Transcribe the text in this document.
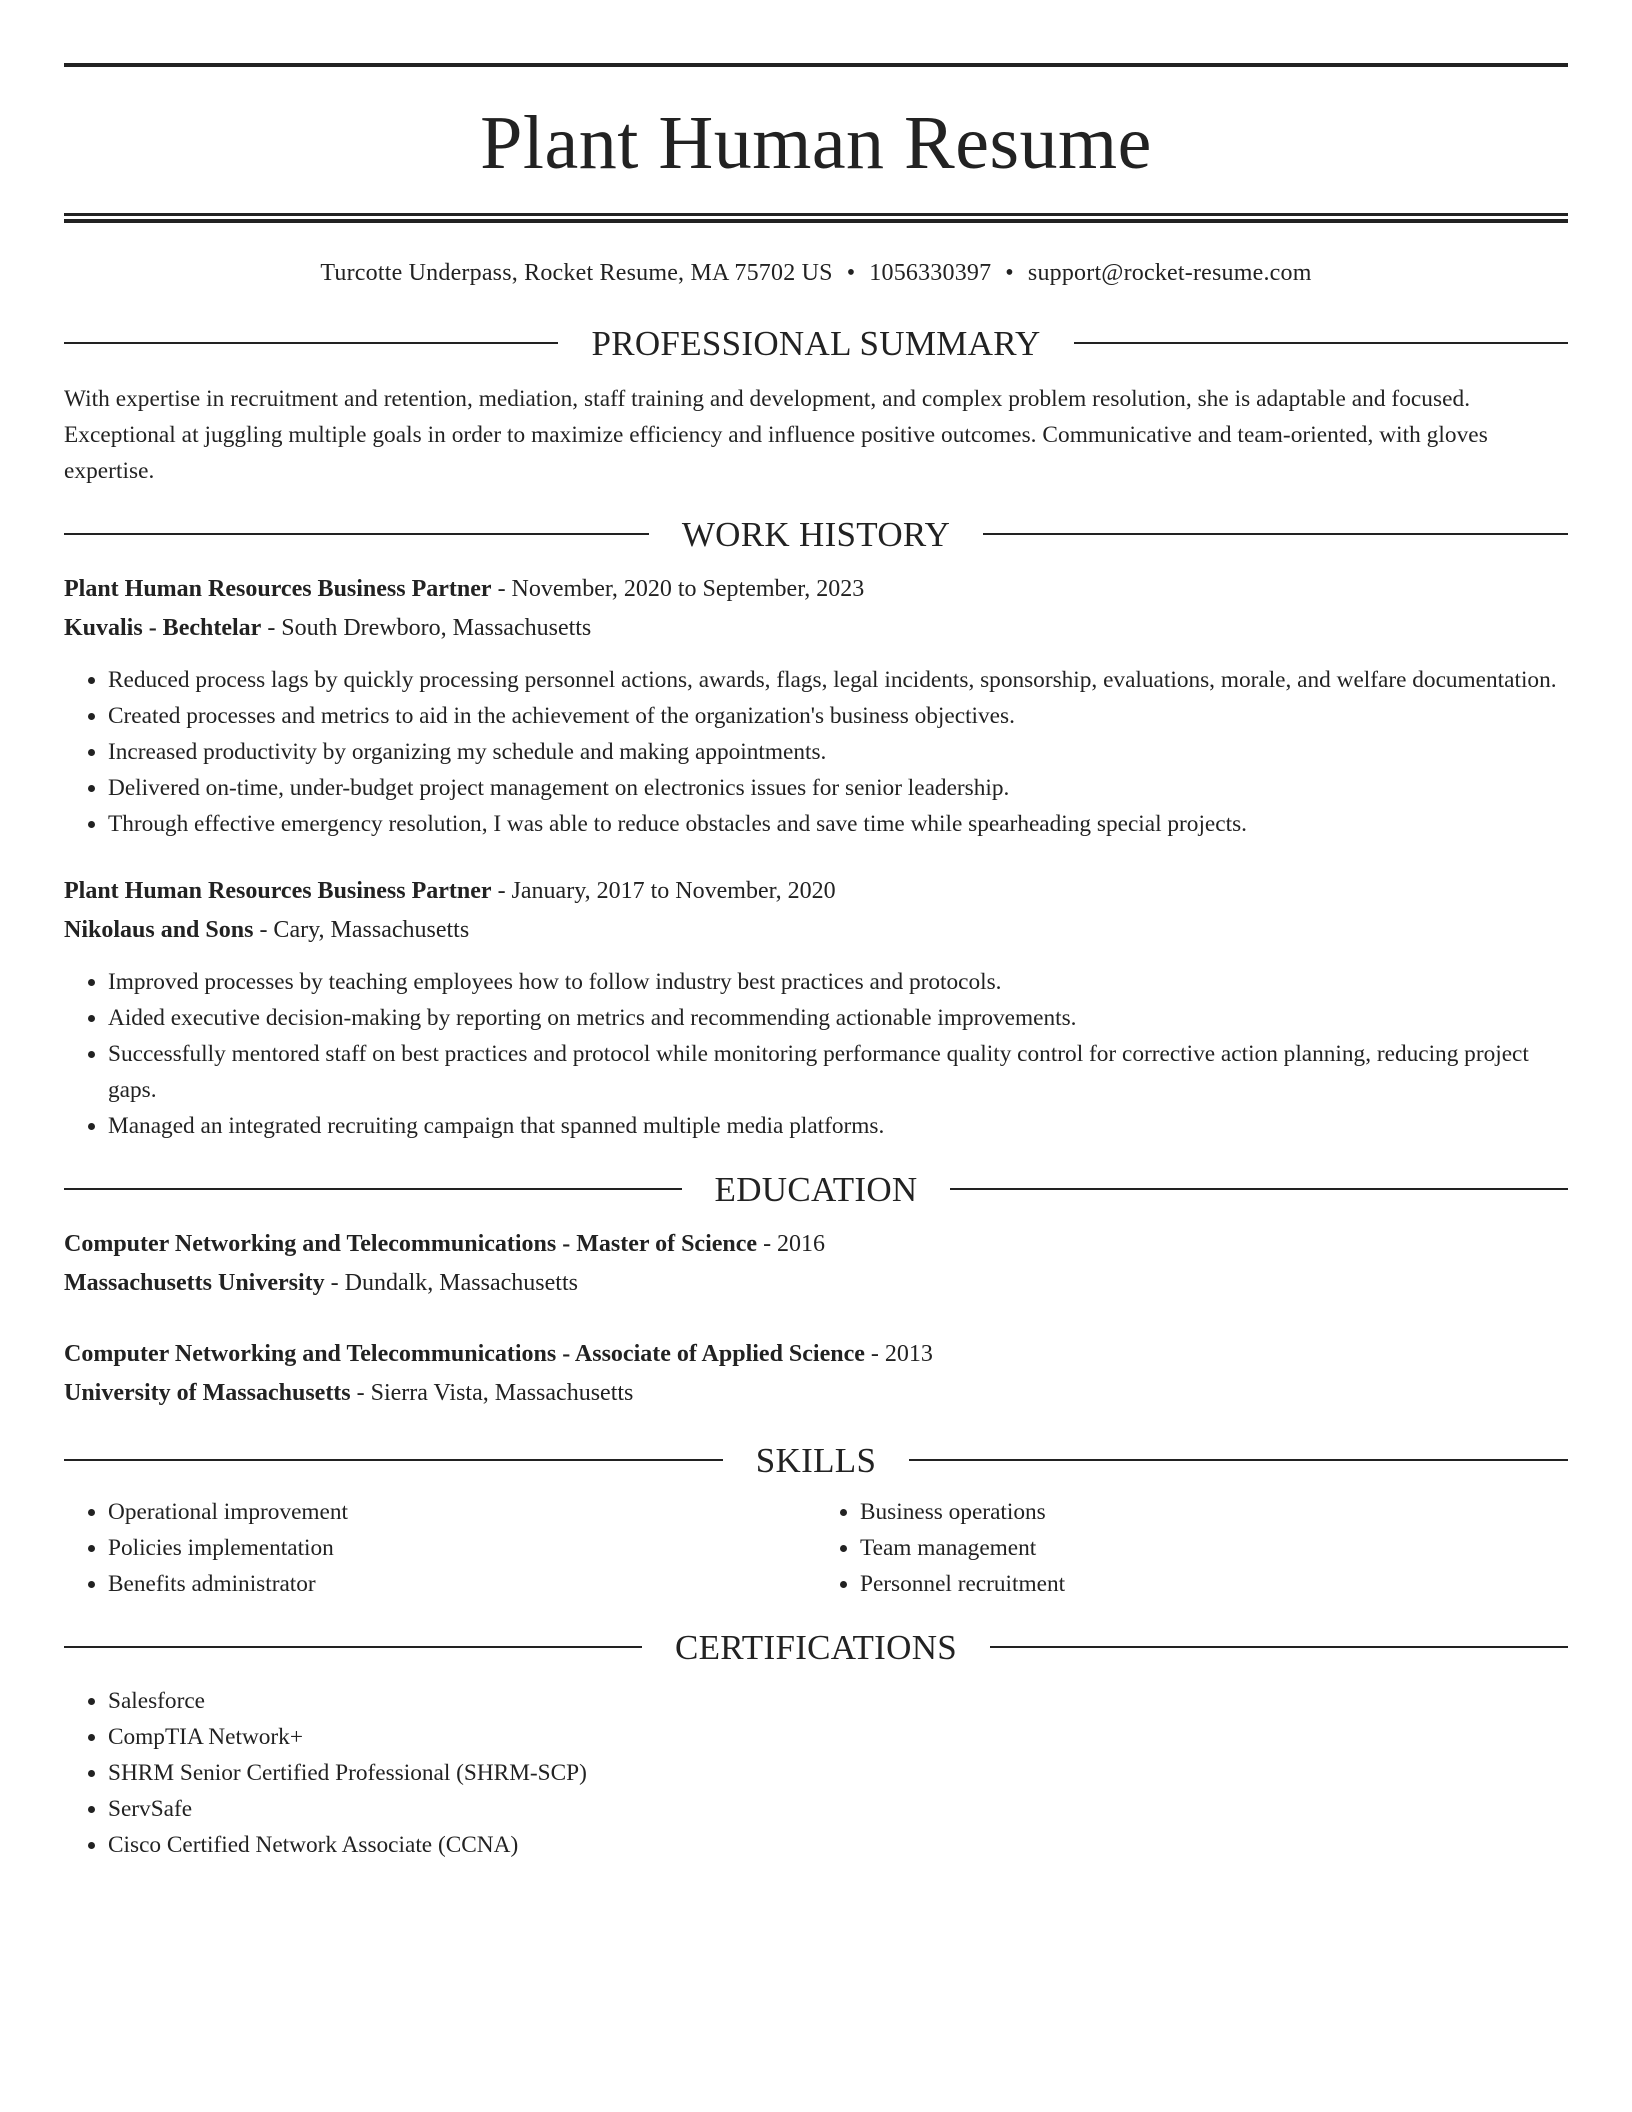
Plant Human Resume
Turcotte Underpass, Rocket Resume, MA 75702 US • 1056330397 • support@rocket-resume.com
PROFESSIONAL SUMMARY
With expertise in recruitment and retention, mediation, staff training and development, and complex problem resolution, she is adaptable and focused. Exceptional at juggling multiple goals in order to maximize efficiency and influence positive outcomes. Communicative and team-oriented, with gloves expertise.
WORK HISTORY
Plant Human Resources Business Partner - November, 2020 to September, 2023
Kuvalis - Bechtelar - South Drewboro, Massachusetts
• Reduced process lags by quickly processing personnel actions, awards, flags, legal incidents, sponsorship, evaluations, morale, and welfare documentation.
• Created processes and metrics to aid in the achievement of the organization's business objectives.
• Increased productivity by organizing my schedule and making appointments.
• Delivered on-time, under-budget project management on electronics issues for senior leadership.
• Through effective emergency resolution, I was able to reduce obstacles and save time while spearheading special projects.
Plant Human Resources Business Partner - January, 2017 to November, 2020
Nikolaus and Sons - Cary, Massachusetts
• Improved processes by teaching employees how to follow industry best practices and protocols.
• Aided executive decision-making by reporting on metrics and recommending actionable improvements.
• Successfully mentored staff on best practices and protocol while monitoring performance quality control for corrective action planning, reducing project gaps.
• Managed an integrated recruiting campaign that spanned multiple media platforms.
EDUCATION
Computer Networking and Telecommunications - Master of Science - 2016
Massachusetts University - Dundalk, Massachusetts
Computer Networking and Telecommunications - Associate of Applied Science - 2013
University of Massachusetts - Sierra Vista, Massachusetts
SKILLS
• Operational improvement
• Policies implementation
• Benefits administrator
• Business operations
• Team management
• Personnel recruitment
CERTIFICATIONS
• Salesforce
• CompTIA Network+
• SHRM Senior Certified Professional (SHRM-SCP)
• ServSafe
• Cisco Certified Network Associate (CCNA)
